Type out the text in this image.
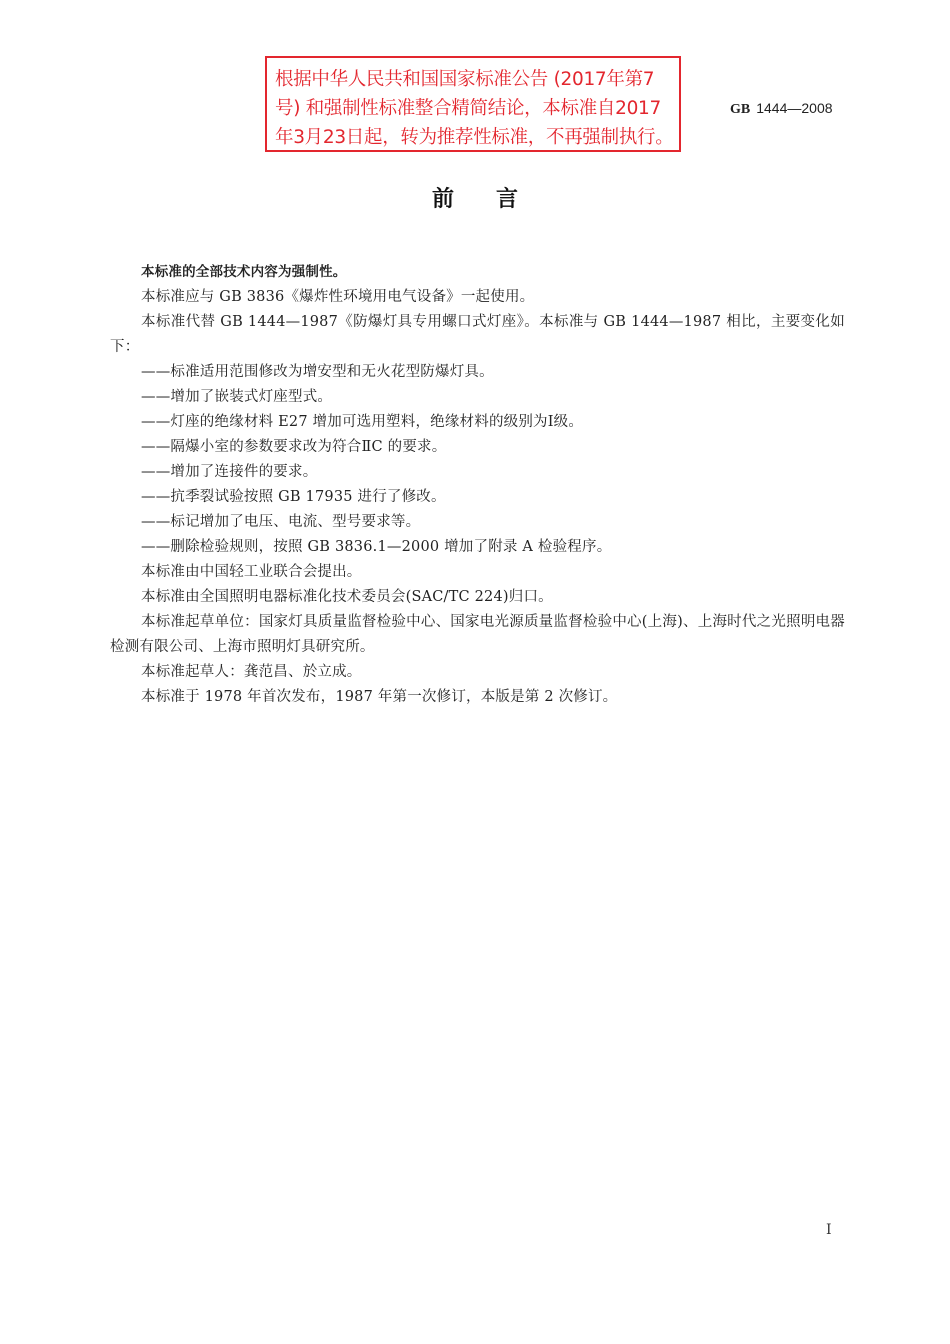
根据中华人民共和国国家标准公告 (2017年第7
号) 和强制性标准整合精简结论，本标准自2017
年3月23日起，转为推荐性标准，不再强制执行。
GB 1444—2008
前言

本标准的全部技术内容为强制性。

本标准应与 GB 3836《爆炸性环境用电气设备》一起使用。

本标准代替 GB 1444—1987《防爆灯具专用螺口式灯座》。本标准与 GB 1444—1987 相比，主要变化如下：

——标准适用范围修改为增安型和无火花型防爆灯具。

——增加了嵌装式灯座型式。

——灯座的绝缘材料 E27 增加可选用塑料，绝缘材料的级别为Ⅰ级。

——隔爆小室的参数要求改为符合ⅡC 的要求。

——增加了连接件的要求。

——抗季裂试验按照 GB 17935 进行了修改。

——标记增加了电压、电流、型号要求等。

——删除检验规则，按照 GB 3836.1—2000 增加了附录 A 检验程序。

本标准由中国轻工业联合会提出。

本标准由全国照明电器标准化技术委员会(SAC/TC 224)归口。

本标准起草单位：国家灯具质量监督检验中心、国家电光源质量监督检验中心(上海)、上海时代之光照明电器检测有限公司、上海市照明灯具研究所。

本标准起草人：龚范昌、於立成。

本标准于 1978 年首次发布，1987 年第一次修订，本版是第 2 次修订。

I
